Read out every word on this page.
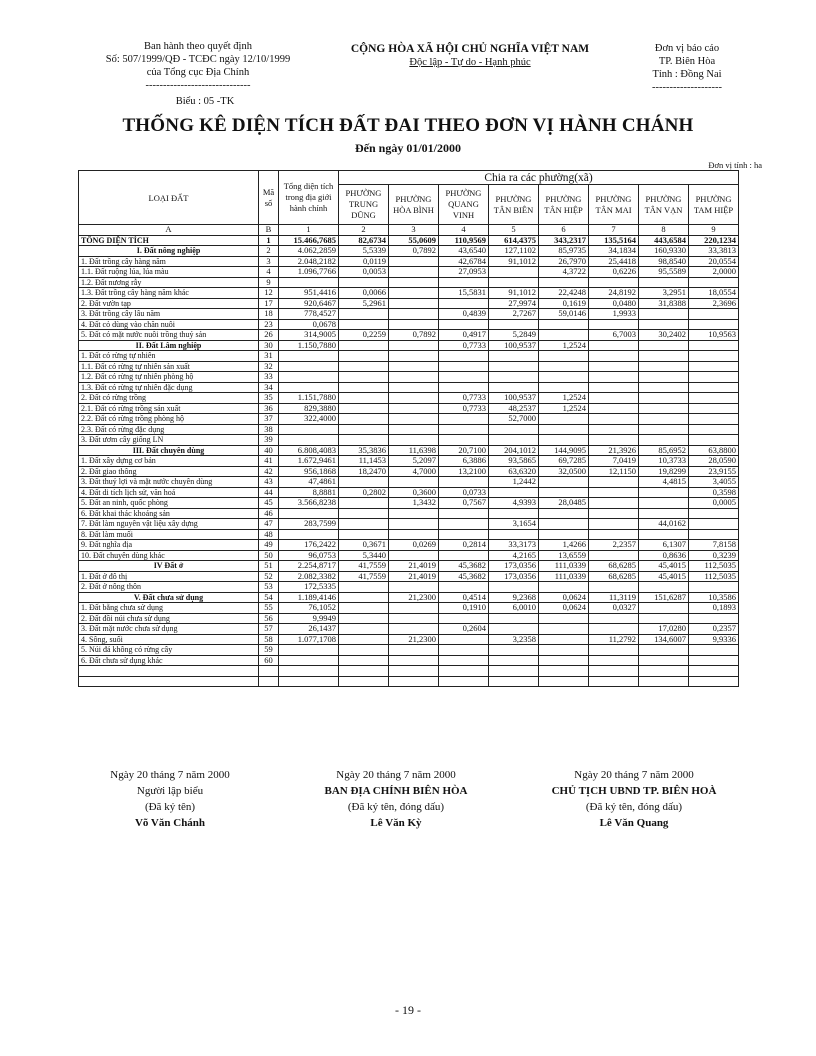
Ban hành theo quyết định
Số: 507/1999/QĐ - TCĐC ngày 12/10/1999
của Tổng cục Địa Chính
------------------------------
CỘNG HÒA XÃ HỘI CHỦ NGHĨA VIỆT NAM
Độc lập - Tự do - Hạnh phúc
Đơn vị báo cáo
TP. Biên Hòa
Tỉnh : Đồng Nai
--------------------
Biểu : 05 -TK
THỐNG KÊ DIỆN TÍCH ĐẤT ĐAI THEO ĐƠN VỊ HÀNH CHÁNH
Đến ngày 01/01/2000
Đơn vị tính : ha
LOẠI ĐẤT	Mã số	Tổng diện tích trong địa giới hành chính	Chia ra các phường(xã)							
			PHƯỜNG TRUNG DŨNG	PHƯỜNG HÒA BÌNH	PHƯỜNG QUANG VINH	PHƯỜNG TÂN BIÊN	PHƯỜNG TÂN HIỆP	PHƯỜNG TÂN MAI	PHƯỜNG TÂN VẠN	PHƯỜNG TAM HIỆP
A	B	1	2	3	4	5	6	7	8	9
TỔNG DIỆN TÍCH	1	15.466,7685	82,6734	55,0609	110,9569	614,4375	343,2317	135,5164	443,6584	220,1234
I. Đất nông nghiệp	2	4.062,2859	5,5339	0,7892	43,6540	127,1102	85,9735	34,1834	160,9330	33,3813
1. Đất trồng cây hàng năm	3	2.048,2182	0,0119		42,6784	91,1012	26,7970	25,4418	98,8540	20,0554
1.1. Đất ruộng lúa, lúa màu	4	1.096,7766	0,0053		27,0953		4,3722	0,6226	95,5589	2,0000
1.2. Đất nương rẫy	9									
1.3. Đất trồng cây hàng năm khác	12	951,4416	0,0066		15,5831	91,1012	22,4248	24,8192	3,2951	18,0554
2. Đất vườn tạp	17	920,6467	5,2961			27,9974	0,1619	0,0480	31,8388	2,3696
3. Đất trồng cây lâu năm	18	778,4527			0,4839	2,7267	59,0146	1,9933		
4. Đất cỏ dùng vào chăn nuôi	23	0,0678								
5. Đất có mặt nước nuôi trồng thuỷ sản	26	314,9005	0,2259	0,7892	0,4917	5,2849		6,7003	30,2402	10,9563
II. Đất Lâm nghiệp	30	1.150,7880			0,7733	100,9537	1,2524			
1. Đất có rừng tự nhiên	31									
1.1. Đất có rừng tự nhiên sản xuất	32									
1.2. Đất có rừng tự nhiên phòng hộ	33									
1.3. Đất có rừng tự nhiên đặc dụng	34									
2. Đất có rừng trồng	35	1.151,7880			0,7733	100,9537	1,2524			
2.1. Đất có rừng trồng sản xuất	36	829,3880			0,7733	48,2537	1,2524			
2.2. Đất có rừng trồng phòng hộ	37	322,4000				52,7000				
2.3. Đất có rừng đặc dụng	38									
3. Đất ươm cây giống LN	39									
III. Đất chuyên dùng	40	6.808,4083	35,3836	11,6398	20,7100	204,1012	144,9095	21,3926	85,6952	63,8800
1. Đất xây dựng cơ bản	41	1.672,9461	11,1453	5,2097	6,3886	93,5865	69,7285	7,0419	10,3733	28,0590
2. Đất giao thông	42	956,1868	18,2470	4,7000	13,2100	63,6320	32,0500	12,1150	19,8299	23,9155
3. Đất thuỷ lợi và mặt nước chuyên dùng	43	47,4861				1,2442			4,4815	3,4055
4. Đất di tích lịch sử, văn hoá	44	8,8881	0,2802	0,3600	0,0733					0,3598
5. Đất an ninh, quốc phòng	45	3.566,8238		1,3432	0,7567	4,9393	28,0485			0,0005
6. Đất khai thác khoáng sản	46									
7. Đất làm nguyên vật liệu xây dựng	47	283,7599				3,1654			44,0162	
8. Đất làm muối	48									
9. Đất nghĩa địa	49	176,2422	0,3671	0,0269	0,2814	33,3173	1,4266	2,2357	6,1307	7,8158
10. Đất chuyên dùng khác	50	96,0753	5,3440			4,2165	13,6559		0,8636	0,3239
IV Đất ở	51	2.254,8717	41,7559	21,4019	45,3682	173,0356	111,0339	68,6285	45,4015	112,5035
1. Đất ở đô thị	52	2.082,3382	41,7559	21,4019	45,3682	173,0356	111,0339	68,6285	45,4015	112,5035
2. Đất ở nông thôn	53	172,5335								
V. Đất chưa sử dụng	54	1.189,4146		21,2300	0,4514	9,2368	0,0624	11,3119	151,6287	10,3586
1. Đất bằng chưa sử dụng	55	76,1052			0,1910	6,0010	0,0624	0,0327		0,1893
2. Đất đồi núi chưa sử dụng	56	9,9949								
3. Đất mặt nước chưa sử dụng	57	26,1437			0,2604				17,0280	0,2357
4. Sông, suối	58	1.077,1708		21,2300		3,2358		11,2792	134,6007	9,9336
5. Núi đá không có rừng cây	59									
6. Đất chưa sử dụng khác	60									

Ngày 20 tháng 7 năm 2000
Người lập biểu
(Đã ký tên)
Võ Văn Chánh
Ngày 20 tháng 7 năm 2000
BAN ĐỊA CHÍNH BIÊN HÒA
(Đã ký tên, đóng dấu)
Lê Văn Kỳ
Ngày 20 tháng 7 năm 2000
CHỦ TỊCH UBND TP. BIÊN HOÀ
(Đã ký tên, đóng dấu)
Lê Văn Quang
- 19 -
